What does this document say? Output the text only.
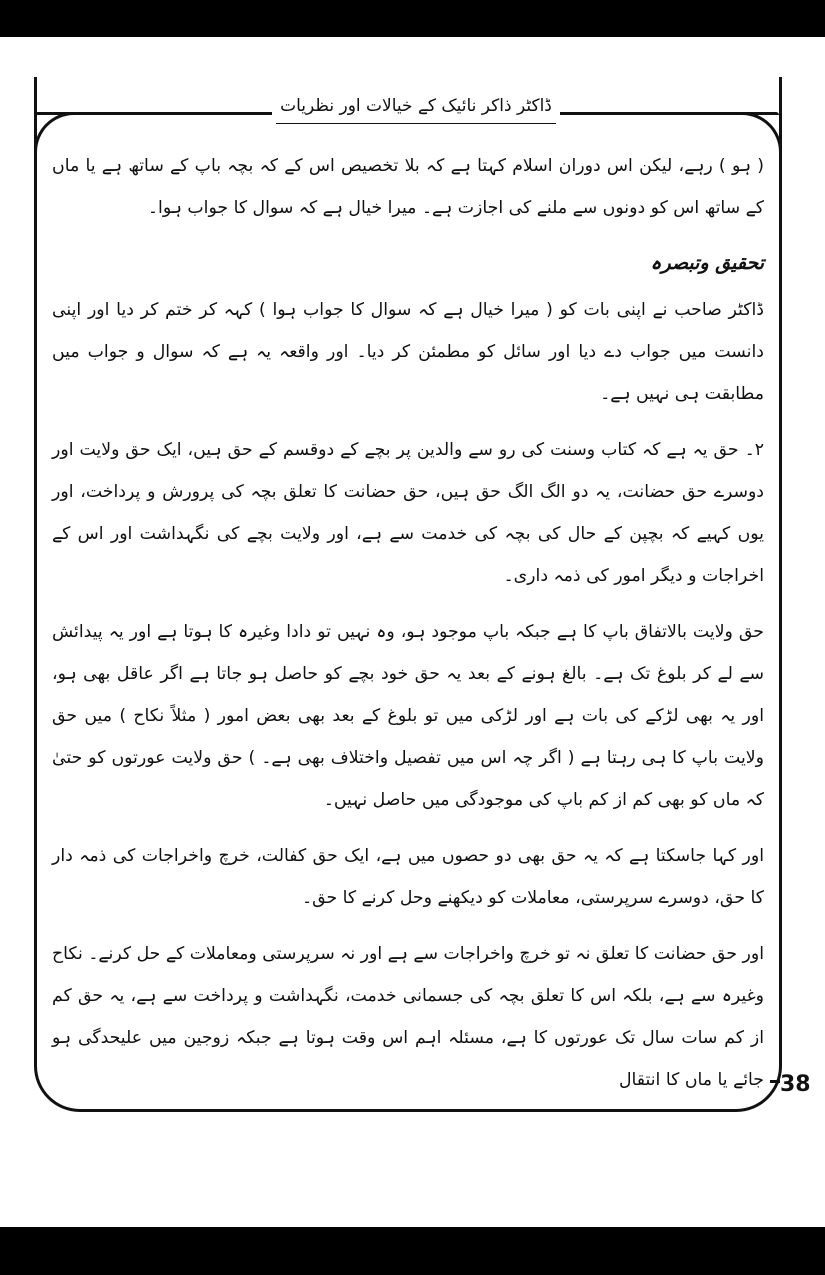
ڈاکٹر ذاکر نائیک کے خیالات اور نظریات

( ہو ) رہے، لیکن اس دوران اسلام کہتا ہے کہ بلا تخصیص اس کے کہ بچہ باپ کے ساتھ ہے یا ماں کے ساتھ اس کو دونوں سے ملنے کی اجازت ہے۔ میرا خیال ہے کہ سوال کا جواب ہوا۔

تحقیق وتبصرہ

ڈاکٹر صاحب نے اپنی بات کو ( میرا خیال ہے کہ سوال کا جواب ہوا ) کہہ کر ختم کر دیا اور اپنی دانست میں جواب دے دیا اور سائل کو مطمئن کر دیا۔ اور واقعہ یہ ہے کہ سوال و جواب میں مطابقت ہی نہیں ہے۔

۲۔ حق یہ ہے کہ کتاب وسنت کی رو سے والدین پر بچے کے دوقسم کے حق ہیں، ایک حق ولایت اور دوسرے حق حضانت، یہ دو الگ الگ حق ہیں، حق حضانت کا تعلق بچہ کی پرورش و پرداخت، اور یوں کہیے کہ بچپن کے حال کی بچہ کی خدمت سے ہے، اور ولایت بچے کی نگہداشت اور اس کے اخراجات و دیگر امور کی ذمہ داری۔

حق ولایت بالاتفاق باپ کا ہے جبکہ باپ موجود ہو، وہ نہیں تو دادا وغیرہ کا ہوتا ہے اور یہ پیدائش سے لے کر بلوغ تک ہے۔ بالغ ہونے کے بعد یہ حق خود بچے کو حاصل ہو جاتا ہے اگر عاقل بھی ہو، اور یہ بھی لڑکے کی بات ہے اور لڑکی میں تو بلوغ کے بعد بھی بعض امور ( مثلاً نکاح ) میں حق ولایت باپ کا ہی رہتا ہے ( اگر چہ اس میں تفصیل واختلاف بھی ہے۔ ) حق ولایت عورتوں کو حتیٰ کہ ماں کو بھی کم از کم باپ کی موجودگی میں حاصل نہیں۔

اور کہا جاسکتا ہے کہ یہ حق بھی دو حصوں میں ہے، ایک حق کفالت، خرچ واخراجات کی ذمہ دار کا حق، دوسرے سرپرستی، معاملات کو دیکھنے وحل کرنے کا حق۔

اور حق حضانت کا تعلق نہ تو خرچ واخراجات سے ہے اور نہ سرپرستی ومعاملات کے حل کرنے۔ نکاح وغیرہ سے ہے، بلکہ اس کا تعلق بچہ کی جسمانی خدمت، نگہداشت و پرداخت سے ہے، یہ حق کم از کم سات سال تک عورتوں کا ہے، مسئلہ اہم اس وقت ہوتا ہے جبکہ زوجین میں علیحدگی ہو جائے یا ماں کا انتقال 38
